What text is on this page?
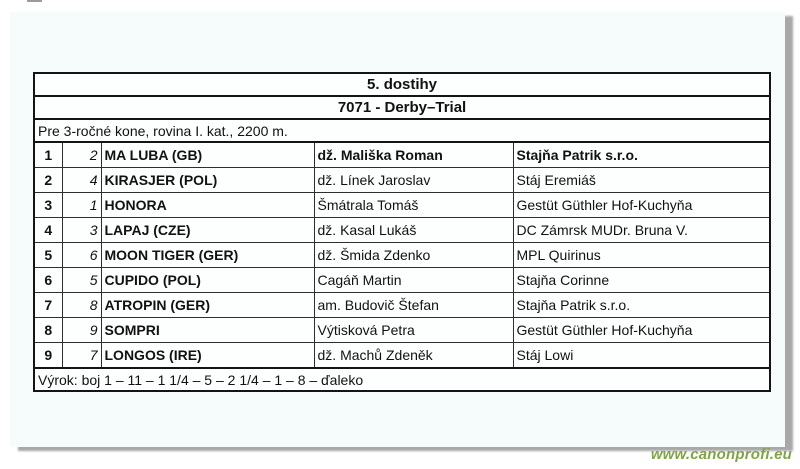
5. dostihy
7071 - Derby–Trial
Pre 3-ročné kone, rovina I. kat., 2200 m.
1	2	MA LUBA (GB)	dž. Mališka Roman	Stajňa Patrik s.r.o.
2	4	KIRASJER (POL)	dž. Línek Jaroslav	Stáj Eremiáš
3	1	HONORA	Šmátrala Tomáš	Gestüt Güthler Hof-Kuchyňa
4	3	LAPAJ (CZE)	dž. Kasal Lukáš	DC Zámrsk MUDr. Bruna V.
5	6	MOON TIGER (GER)	dž. Šmida Zdenko	MPL Quirinus
6	5	CUPIDO (POL)	Cagáň Martin	Stajňa Corinne
7	8	ATROPIN (GER)	am. Budovič Štefan	Stajňa Patrik s.r.o.
8	9	SOMPRI	Výtisková Petra	Gestüt Güthler Hof-Kuchyňa
9	7	LONGOS (IRE)	dž. Machů Zdeněk	Stáj Lowi
Výrok: boj 1 – 11 – 1 1/4 – 5 – 2 1/4 – 1 – 8 – ďaleko
www.canonprofi.eu
